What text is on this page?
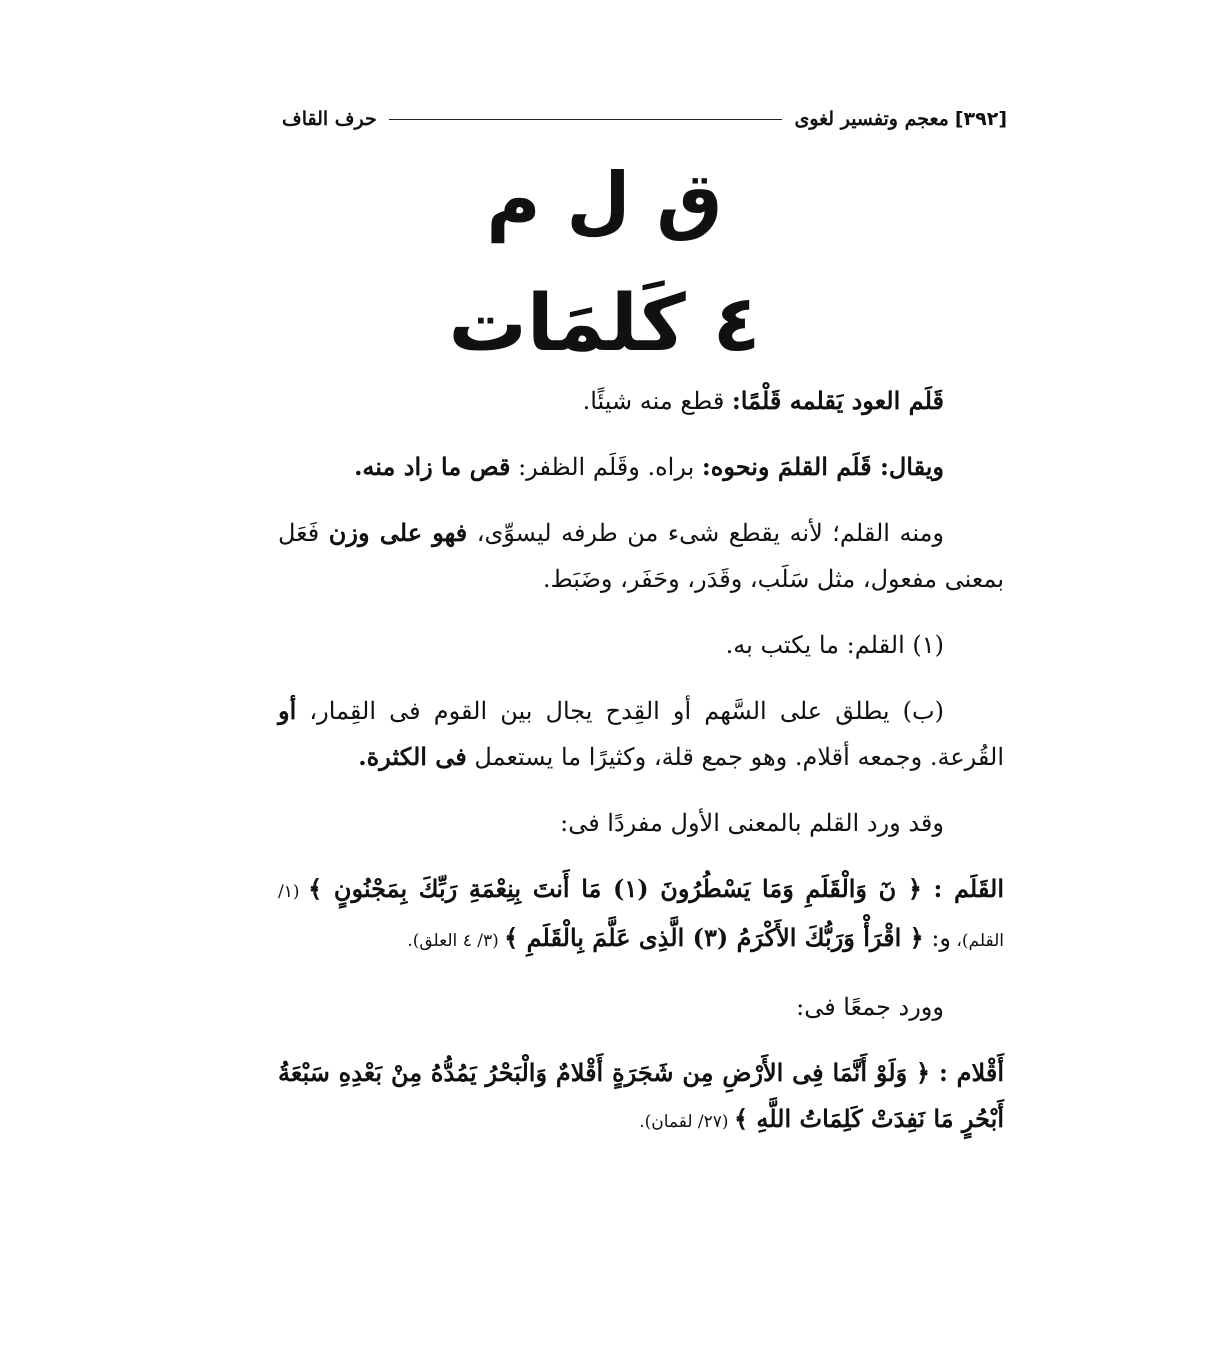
[٣٩٢]
معجم وتفسير لغوى
حرف القاف
ق ل م
٤ كَلمَات

قَلَم العود يَقلمه قَلْمًا: قطع منه شيئًا.

ويقال: قَلَم القلمَ ونحوه: براه. وقَلَم الظفر: قص ما زاد منه.

ومنه القلم؛ لأنه يقطع شىء من طرفه ليسوِّى، فهو على وزن فَعَل بمعنى مفعول، مثل سَلَب، وقَدَر، وحَفَر، وضَبَط.

(١) القلم: ما يكتب به.

(ب) يطلق على السَّهم أو القِدح يجال بين القوم فى القِمار، أو القُرعة. وجمعه أقلام. وهو جمع قلة، وكثيرًا ما يستعمل فى الكثرة.

وقد ورد القلم بالمعنى الأول مفردًا فى:

القَلَم : ﴿ نٓ وَالْقَلَمِ وَمَا يَسْطُرُونَ (١) مَا أَنتَ بِنِعْمَةِ رَبِّكَ بِمَجْنُونٍ ﴾ (١/القلم)، و: ﴿ اقْرَأْ وَرَبُّكَ الأَكْرَمُ (٣) الَّذِى عَلَّمَ بِالْقَلَمِ ﴾ (٣/ ٤ العلق).

وورد جمعًا فى:

أَقْلام : ﴿ وَلَوْ أَنَّمَا فِى الأَرْضِ مِن شَجَرَةٍ أَقْلامٌ وَالْبَحْرُ يَمُدُّهُ مِنْ بَعْدِهِ سَبْعَةُ أَبْحُرٍ مَا نَفِدَتْ كَلِمَاتُ اللَّهِ ﴾ (٢٧/ لقمان).
